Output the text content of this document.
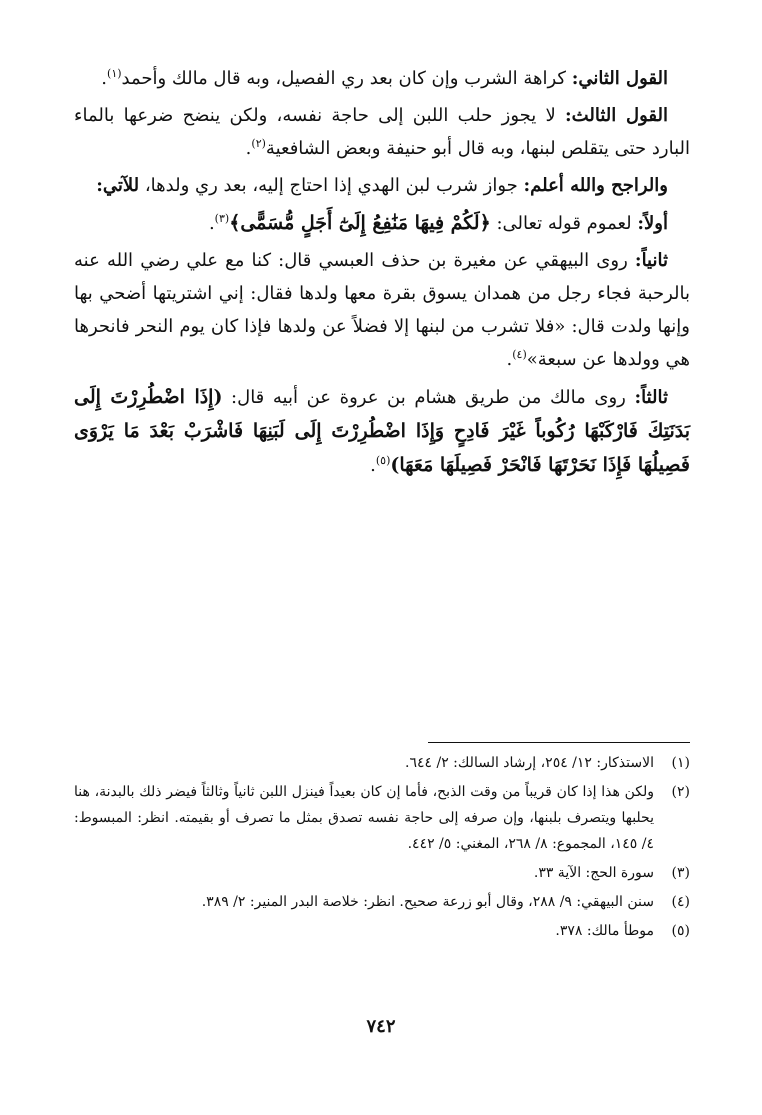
القول الثاني: كراهة الشرب وإن كان بعد ري الفصيل، وبه قال مالك وأحمد$^{(١)}$.

القول الثالث: لا يجوز حلب اللبن إلى حاجة نفسه، ولكن ينضح ضرعها بالماء البارد حتى يتقلص لبنها، وبه قال أبو حنيفة وبعض الشافعية$^{(٢)}$.

والراجح والله أعلم: جواز شرب لبن الهدي إذا احتاج إليه، بعد ري ولدها، للآتي:

أولاً: لعموم قوله تعالى: ﴿لَكُمْ فِيهَا مَنَٰفِعُ إِلَىٰٓ أَجَلٍ مُّسَمًّى﴾$^{(٣)}$.

ثانياً: روى البيهقي عن مغيرة بن حذف العبسي قال: كنا مع علي رضي الله عنه بالرحبة فجاء رجل من همدان يسوق بقرة معها ولدها فقال: إني اشتريتها أضحي بها وإنها ولدت قال: «فلا تشرب من لبنها إلا فضلاً عن ولدها فإذا كان يوم النحر فانحرها هي وولدها عن سبعة»$^{(٤)}$.

ثالثاً: روى مالك من طريق هشام بن عروة عن أبيه قال: (إِذَا اضْطُرِرْتَ إِلَى بَدَنَتِكَ فَارْكَبْهَا رُكُوباً غَيْرَ فَادِحٍ وَإِذَا اضْطُرِرْتَ إِلَى لَبَنِهَا فَاشْرَبْ بَعْدَ مَا يَرْوَى فَصِيلُهَا فَإِذَا نَحَرْتَهَا فَانْحَرْ فَصِيلَهَا مَعَهَا)$^{(٥)}$.

(١)
الاستذكار: ١٢/ ٢٥٤، إرشاد السالك: ٢/ ٦٤٤.
(٢)
ولكن هذا إذا كان قريباً من وقت الذبح، فأما إن كان بعيداً فينزل اللبن ثانياً وثالثاً فيضر ذلك بالبدنة، هنا يحلبها ويتصرف بلبنها، وإن صرفه إلى حاجة نفسه تصدق بمثل ما تصرف أو بقيمته. انظر: المبسوط: ٤/ ١٤٥، المجموع: ٨/ ٢٦٨، المغني: ٥/ ٤٤٢.
(٣)
سورة الحج: الآية ٣٣.
(٤)
سنن البيهقي: ٩/ ٢٨٨، وقال أبو زرعة صحيح. انظر: خلاصة البدر المنير: ٢/ ٣٨٩.
(٥)
موطأ مالك: ٣٧٨.
٧٤٢
